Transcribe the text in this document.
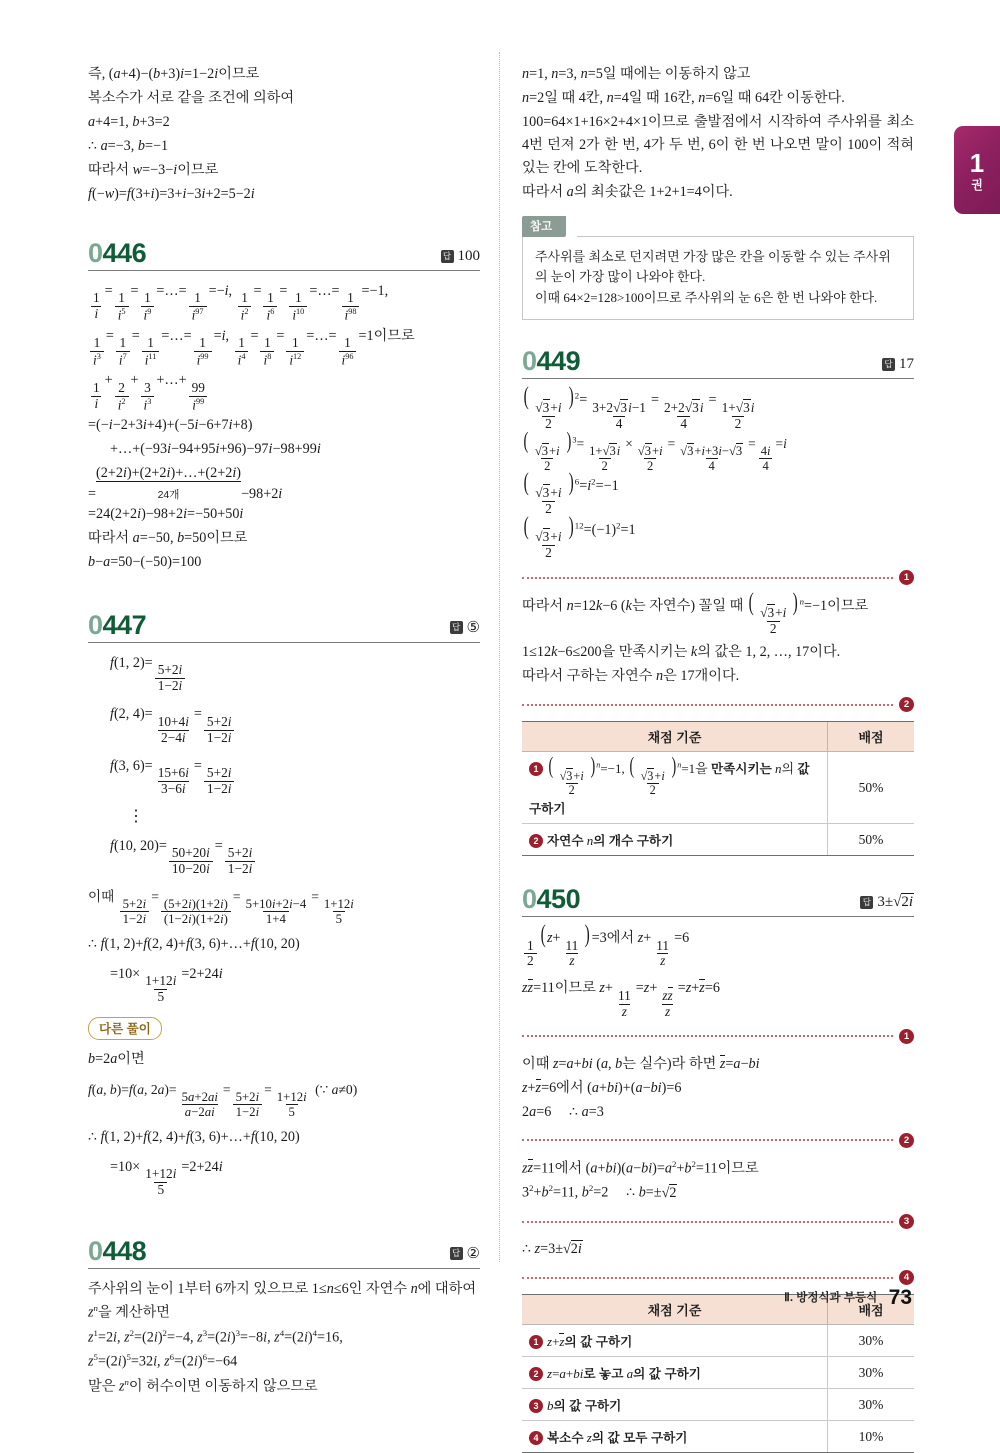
1
권
즉, (a+4)−(b+3)i=1−2i이므로
복소수가 서로 같을 조건에 의하여
a+4=1, b+3=2
∴ a=−3, b=−1
따라서 w=−3−i이므로
f(−w)=f(3+i)=3+i−3i+2=5−2i
0446	답 100
$\frac{1}{i}$
=
$\frac{1}{i^5}$
=
$\frac{1}{i^9}$
=…=
$\frac{1}{i^{97}}$
=−i,
$\frac{1}{i^2}$
=
$\frac{1}{i^6}$
=
$\frac{1}{i^{10}}$
=…=
$\frac{1}{i^{98}}$
=−1,
$\frac{1}{i^3}$
=
$\frac{1}{i^7}$
=
$\frac{1}{i^{11}}$
=…=
$\frac{1}{i^{99}}$
=i,
$\frac{1}{i^4}$
=
$\frac{1}{i^8}$
=
$\frac{1}{i^{12}}$
=…=
$\frac{1}{i^{96}}$
=1이므로
$\frac{1}{i}$
+
$\frac{2}{i^2}$
+
$\frac{3}{i^3}$
+…+
$\frac{99}{i^{99}}$
=(−i−2+3i+4)+(−5i−6+7i+8)
+…+(−93i−94+95i+96)−97i−98+99i
=(2+2i)+(2+2i)+…+(2+2i)
24개	−98+2i
=24(2+2i)−98+2i=−50+50i
따라서 a=−50, b=50이므로
b−a=50−(−50)=100
0447	답 ⑤
f(1, 2)=
$\frac{5+2i}{1-2i}$
f(2, 4)=
$\frac{10+4i}{2-4i}$
=
$\frac{5+2i}{1-2i}$
f(3, 6)=
$\frac{15+6i}{3-6i}$
=
$\frac{5+2i}{1-2i}$
⋮
f(10, 20)=
$\frac{50+20i}{10-20i}$
=
$\frac{5+2i}{1-2i}$
이때
$\frac{5+2i}{1-2i}$
=
$\frac{(5+2i)(1+2i)}{(1-2i)(1+2i)}$
=
$\frac{5+10i+2i-4}{1+4}$
=
$\frac{1+12i}{5}$
∴ f(1, 2)+f(2, 4)+f(3, 6)+…+f(10, 20)
=10×
$\frac{1+12i}{5}$
=2+24i
다른 풀이
b=2a이면
f(a, b)=f(a, 2a)=
$\frac{5a+2ai}{a-2ai}$
=
$\frac{5+2i}{1-2i}$
=
$\frac{1+12i}{5}$
(∵ a≠0)
∴ f(1, 2)+f(2, 4)+f(3, 6)+…+f(10, 20)
=10×
$\frac{1+12i}{5}$
=2+24i
0448	답 ②
주사위의 눈이 1부터 6까지 있으므로 1≤n≤6인 자연수 n에 대하여 $z^n$을 계산하면
$z^1=2i$, $z^2=(2i)^2=-4$, $z^3=(2i)^3=-8i$, $z^4=(2i)^4=16$,
$z^5=(2i)^5=32i$, $z^6=(2i)^6=-64$
말은 $z^n$이 허수이면 이동하지 않으므로
n=1, n=3, n=5일 때에는 이동하지 않고
n=2일 때 4칸, n=4일 때 16칸, n=6일 때 64칸 이동한다.
100=64×1+16×2+4×1이므로 출발점에서 시작하여 주사위를 최소 4번 던져 2가 한 번, 4가 두 번, 6이 한 번 나오면 말이 100이 적혀 있는 칸에 도착한다.
따라서 a의 최솟값은 1+2+1=4이다.
참고
주사위를 최소로 던지려면 가장 많은 칸을 이동할 수 있는 주사위의 눈이 가장 많이 나와야 한다.
이때 64×2=128>100이므로 주사위의 눈 6은 한 번 나와야 한다.
0449	답 17
(
$\frac{√3+i}{2}$
) $^2$=
$\frac{3+2√3i-1}{4}$
=
$\frac{2+2√3i}{4}$
=
$\frac{1+√3i}{2}$
(
$\frac{√3+i}{2}$
)$^3$=
$\frac{1+√3i}{2}$
×
$\frac{√3+i}{2}$
=
$\frac{√3+i+3i-√3}{4}$
=
$\frac{4i}{4}$
=i
(
$\frac{√3+i}{2}$
) $^6=i^2=-1$
(
$\frac{√3+i}{2}$
) $^{12}=(-1)^2=1$
1
따라서 n=12k−6 (k는 자연수) 꼴일 때 (
$\frac{√3+i}{2}$
) $^n$=−1이므로
1≤12k−6≤200을 만족시키는 k의 값은 1, 2, …, 17이다.
따라서 구하는 자연수 n은 17개이다.
2
채점 기준	배점
1 (
$\frac{√3+i}{2}$
)$^n$=−1, (
$\frac{√3+i}{2}$
)$^n$=1을 만족시키는 n의 값 구하기	50%
2 자연수 n의 개수 구하기	50%
0450	답 3±√2i
$\frac{1}{2}$
( z+
$\frac{11}{z}$
) =3에서 z+
$\frac{11}{z}$
=6
zz=11이므로 z+
$\frac{11}{z}$
$=z+ \frac{zz}{z} =z+z=6$
1
이때 z=a+bi (a, b는 실수)라 하면 z=a−bi
z+z=6에서 (a+bi)+(a−bi)=6
2a=6     ∴ a=3
2
zz=11에서 $(a+bi)(a-bi)=a^2+b^2=11$이므로
$3^2+b^2=11$, $b^2=2$     ∴ b=±√2
3
∴ z=3±√2i
4
채점 기준	배점
1 z+z의 값 구하기	30%
2 z=a+bi로 놓고 a의 값 구하기	30%
3 b의 값 구하기	30%
4 복소수 z의 값 모두 구하기	10%
Ⅱ. 방정식과 부등식 73
